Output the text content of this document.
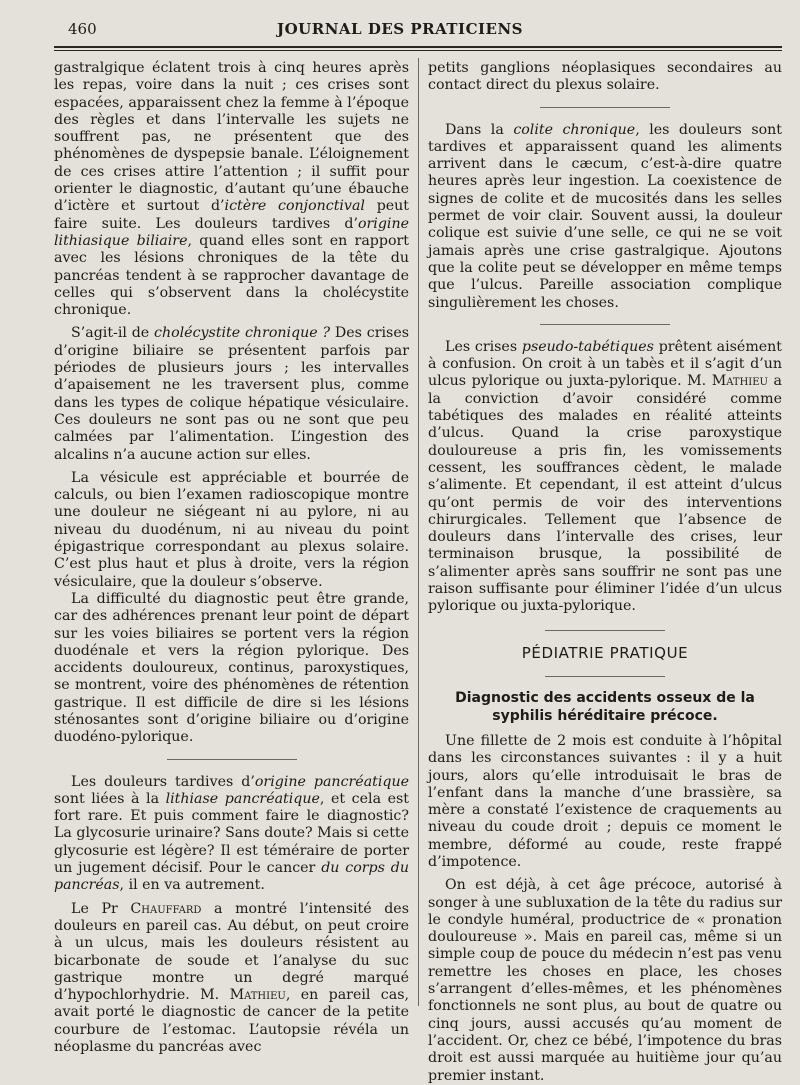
460	JOURNAL DES PRATICIENS

gastralgique éclatent trois à cinq heures après les repas, voire dans la nuit ; ces crises sont espacées, apparaissent chez la femme à l’époque des règles et dans l’intervalle les sujets ne souffrent pas, ne présentent que des phénomènes de dyspepsie banale. L’éloignement de ces crises attire l’attention ; il suffit pour orienter le diagnostic, d’autant qu’une ébauche d’ictère et surtout d’ictère conjonctival peut faire suite. Les douleurs tardives d’origine lithiasique biliaire, quand elles sont en rapport avec les lésions chroniques de la tête du pancréas tendent à se rapprocher davantage de celles qui s’observent dans la cholécystite chronique.

S’agit-il de cholécystite chronique ? Des crises d’origine biliaire se présentent parfois par périodes de plusieurs jours ; les intervalles d’apaisement ne les traversent plus, comme dans les types de colique hépatique vésiculaire. Ces douleurs ne sont pas ou ne sont que peu calmées par l’alimentation. L’ingestion des alcalins n’a aucune action sur elles.

La vésicule est appréciable et bourrée de calculs, ou bien l’examen radioscopique montre une douleur ne siégeant ni au pylore, ni au niveau du duodénum, ni au niveau du point épigastrique correspondant au plexus solaire. C’est plus haut et plus à droite, vers la région vésiculaire, que la douleur s’observe.

La difficulté du diagnostic peut être grande, car des adhérences prenant leur point de départ sur les voies biliaires se portent vers la région duodénale et vers la région pylorique. Des accidents douloureux, continus, paroxystiques, se montrent, voire des phénomènes de rétention gastrique. Il est difficile de dire si les lésions sténosantes sont d’origine biliaire ou d’origine duodéno-pylorique.

Les douleurs tardives d’origine pancréatique sont liées à la lithiase pancréatique, et cela est fort rare. Et puis comment faire le diagnostic? La glycosurie urinaire? Sans doute? Mais si cette glycosurie est légère? Il est téméraire de porter un jugement décisif. Pour le cancer du corps du pancréas, il en va autrement.

Le Pr Chauffard a montré l’intensité des douleurs en pareil cas. Au début, on peut croire à un ulcus, mais les douleurs résistent au bicarbonate de soude et l’analyse du suc gastrique montre un degré marqué d’hypochlorhydrie. M. Mathieu, en pareil cas, avait porté le diagnostic de cancer de la petite courbure de l’estomac. L’autopsie révéla un néoplasme du pancréas avec

petits ganglions néoplasiques secondaires au contact direct du plexus solaire.

Dans la colite chronique, les douleurs sont tardives et apparaissent quand les aliments arrivent dans le cæcum, c’est-à-dire quatre heures après leur ingestion. La coexistence de signes de colite et de mucosités dans les selles permet de voir clair. Souvent aussi, la douleur colique est suivie d’une selle, ce qui ne se voit jamais après une crise gastralgique. Ajoutons que la colite peut se développer en même temps que l’ulcus. Pareille association complique singulièrement les choses.

Les crises pseudo-tabétiques prêtent aisément à confusion. On croit à un tabès et il s’agit d’un ulcus pylorique ou juxta-pylorique. M. Mathieu a la conviction d’avoir considéré comme tabétiques des malades en réalité atteints d’ulcus. Quand la crise paroxystique douloureuse a pris fin, les vomissements cessent, les souffrances cèdent, le malade s’alimente. Et cependant, il est atteint d’ulcus qu’ont permis de voir des interventions chirurgicales. Tellement que l’absence de douleurs dans l’intervalle des crises, leur terminaison brusque, la possibilité de s’alimenter après sans souffrir ne sont pas une raison suffisante pour éliminer l’idée d’un ulcus pylorique ou juxta-pylorique.

PÉDIATRIE PRATIQUE
Diagnostic des accidents osseux de la syphilis héréditaire précoce.

Une fillette de 2 mois est conduite à l’hôpital dans les circonstances suivantes : il y a huit jours, alors qu’elle introduisait le bras de l’enfant dans la manche d’une brassière, sa mère a constaté l’existence de craquements au niveau du coude droit ; depuis ce moment le membre, déformé au coude, reste frappé d’impotence.

On est déjà, à cet âge précoce, autorisé à songer à une subluxation de la tête du radius sur le condyle huméral, productrice de « pronation douloureuse ». Mais en pareil cas, même si un simple coup de pouce du médecin n’est pas venu remettre les choses en place, les choses s’arrangent d’elles-mêmes, et les phénomènes fonctionnels ne sont plus, au bout de quatre ou cinq jours, aussi accusés qu’au moment de l’accident. Or, chez ce bébé, l’impotence du bras droit est aussi marquée au huitième jour qu’au premier instant.
